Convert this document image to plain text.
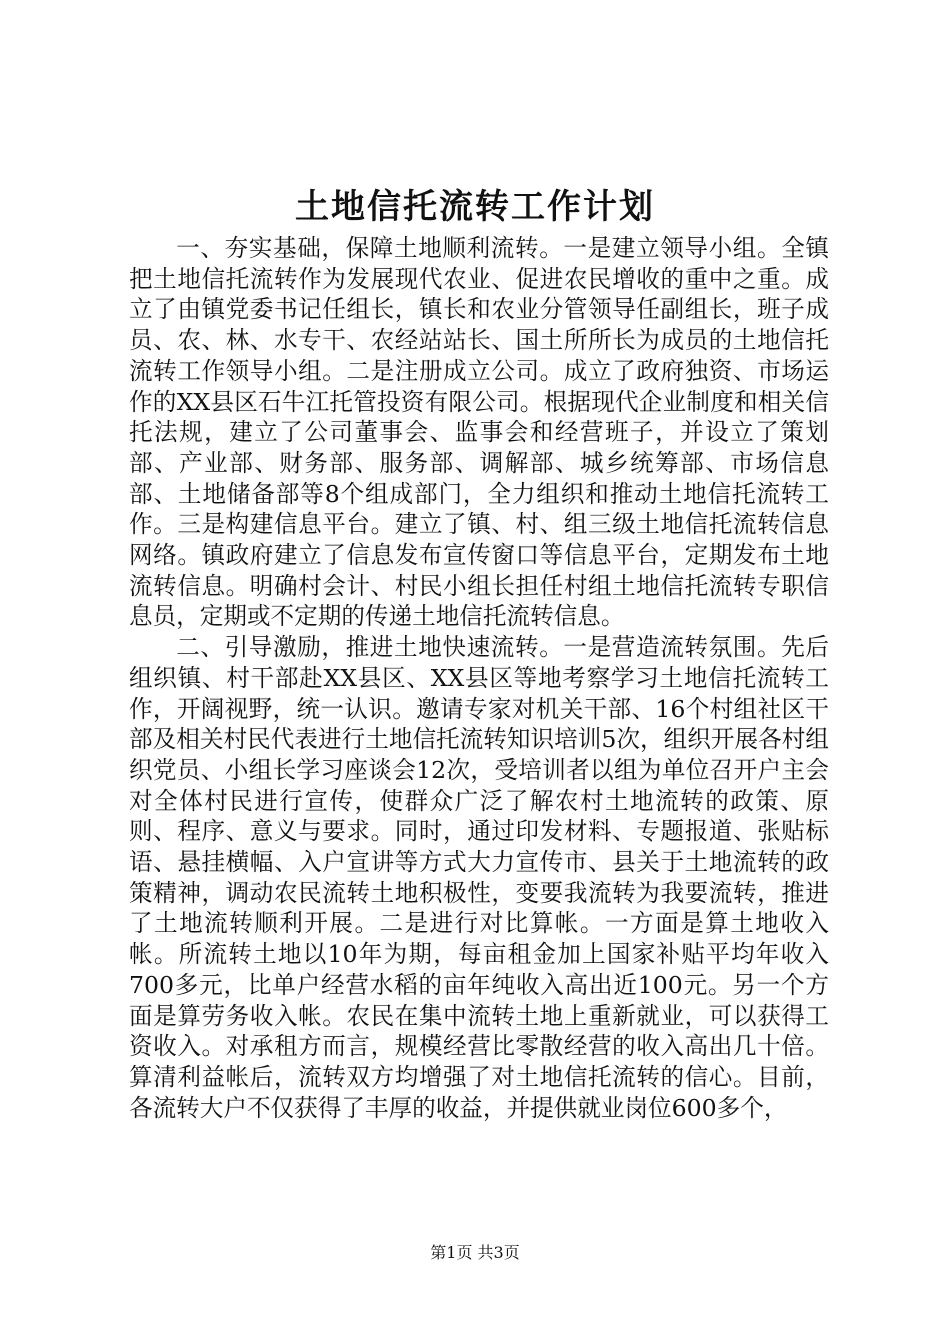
土地信托流转工作计划

一、夯实基础，保障土地顺利流转。一是建立领导小组。全镇把土地信托流转作为发展现代农业、促进农民增收的重中之重。成立了由镇党委书记任组长，镇长和农业分管领导任副组长，班子成员、农、林、水专干、农经站站长、国土所所长为成员的土地信托流转工作领导小组。二是注册成立公司。成立了政府独资、市场运作的XX县区石牛江托管投资有限公司。根据现代企业制度和相关信托法规，建立了公司董事会、监事会和经营班子，并设立了策划部、产业部、财务部、服务部、调解部、城乡统筹部、市场信息部、土地储备部等8个组成部门，全力组织和推动土地信托流转工作。三是构建信息平台。建立了镇、村、组三级土地信托流转信息网络。镇政府建立了信息发布宣传窗口等信息平台，定期发布土地流转信息。明确村会计、村民小组长担任村组土地信托流转专职信息员，定期或不定期的传递土地信托流转信息。

二、引导激励，推进土地快速流转。一是营造流转氛围。先后组织镇、村干部赴XX县区、XX县区等地考察学习土地信托流转工作，开阔视野，统一认识。邀请专家对机关干部、16个村组社区干部及相关村民代表进行土地信托流转知识培训5次，组织开展各村组织党员、小组长学习座谈会12次，受培训者以组为单位召开户主会对全体村民进行宣传，使群众广泛了解农村土地流转的政策、原则、程序、意义与要求。同时，通过印发材料、专题报道、张贴标语、悬挂横幅、入户宣讲等方式大力宣传市、县关于土地流转的政策精神，调动农民流转土地积极性，变要我流转为我要流转，推进了土地流转顺利开展。二是进行对比算帐。一方面是算土地收入帐。所流转土地以10年为期，每亩租金加上国家补贴平均年收入700多元，比单户经营水稻的亩年纯收入高出近100元。另一个方面是算劳务收入帐。农民在集中流转土地上重新就业，可以获得工资收入。对承租方而言，规模经营比零散经营的收入高出几十倍。算清利益帐后，流转双方均增强了对土地信托流转的信心。目前，各流转大户不仅获得了丰厚的收益，并提供就业岗位600多个，

第1页 共3页
